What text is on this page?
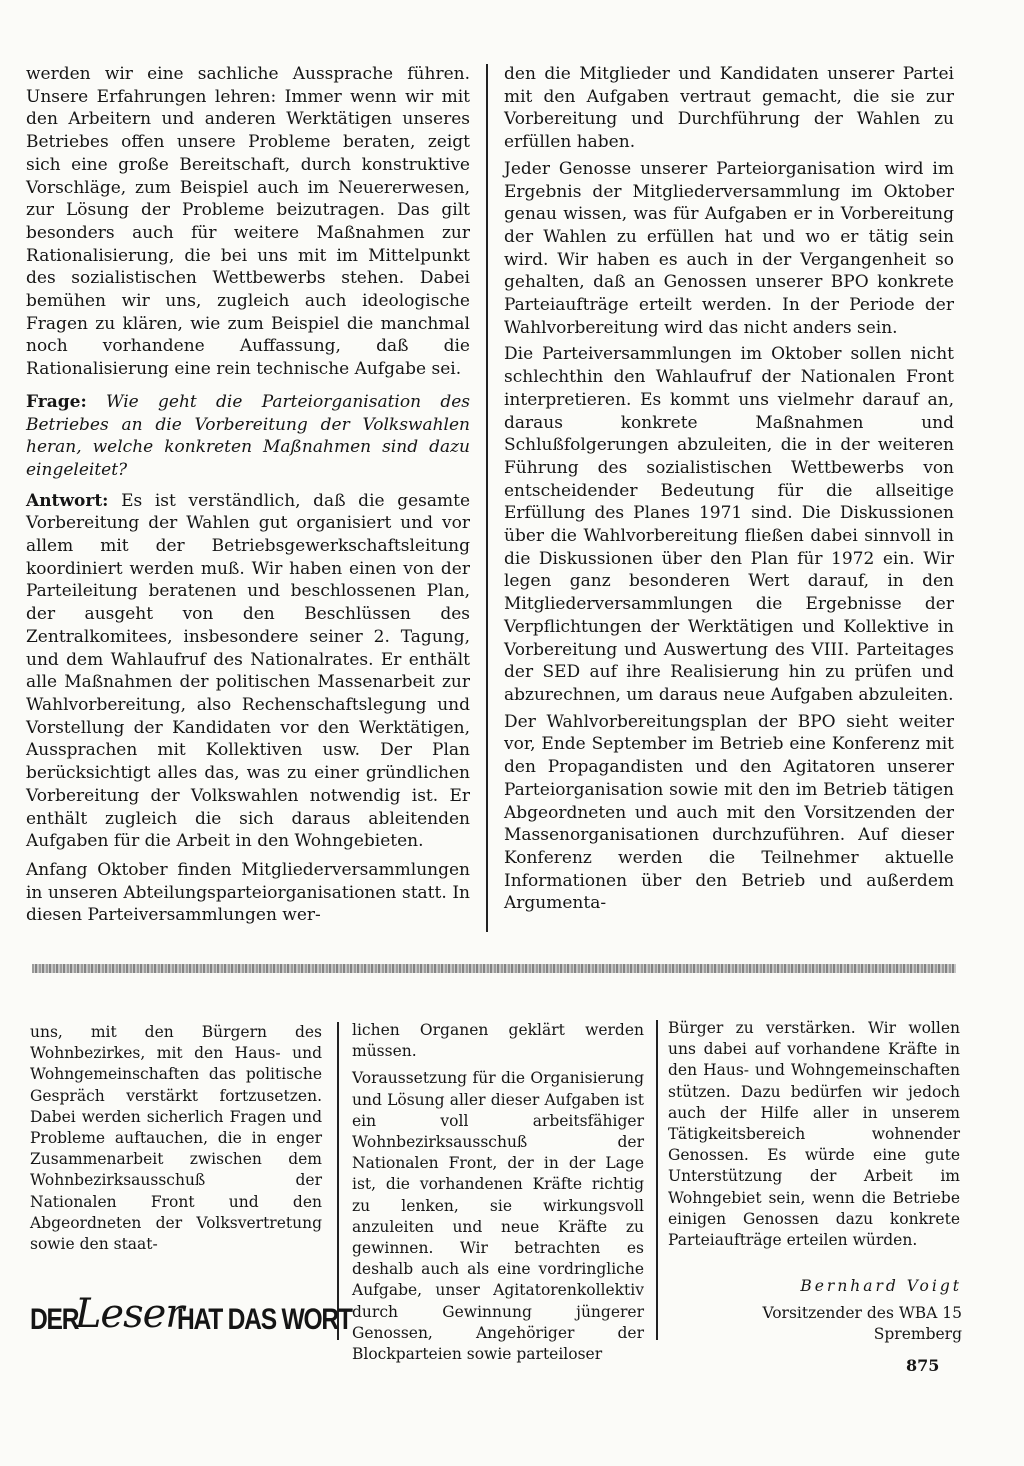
werden wir eine sachliche Aussprache führen. Unsere Erfahrungen lehren: Immer wenn wir mit den Arbeitern und anderen Werktätigen unseres Betriebes offen unsere Probleme beraten, zeigt sich eine große Bereitschaft, durch konstruktive Vorschläge, zum Beispiel auch im Neuererwesen, zur Lösung der Probleme beizutragen. Das gilt besonders auch für weitere Maßnahmen zur Rationalisierung, die bei uns mit im Mittelpunkt des sozialistischen Wettbewerbs stehen. Dabei bemühen wir uns, zugleich auch ideologische Fragen zu klären, wie zum Beispiel die manchmal noch vorhandene Auffassung, daß die Rationalisierung eine rein technische Aufgabe sei.

Frage: Wie geht die Parteiorganisation des Betriebes an die Vorbereitung der Volkswahlen heran, welche konkreten Maßnahmen sind dazu eingeleitet?

Antwort: Es ist verständlich, daß die gesamte Vorbereitung der Wahlen gut organisiert und vor allem mit der Betriebsgewerkschaftsleitung koordiniert werden muß. Wir haben einen von der Parteileitung beratenen und beschlossenen Plan, der ausgeht von den Beschlüssen des Zentralkomitees, insbesondere seiner 2. Tagung, und dem Wahlaufruf des Nationalrates. Er enthält alle Maßnahmen der politischen Massenarbeit zur Wahlvorbereitung, also Rechenschaftslegung und Vorstellung der Kandidaten vor den Werktätigen, Aussprachen mit Kollektiven usw. Der Plan berücksichtigt alles das, was zu einer gründlichen Vorbereitung der Volkswahlen notwendig ist. Er enthält zugleich die sich daraus ableitenden Aufgaben für die Arbeit in den Wohngebieten.

Anfang Oktober finden Mitgliederversammlungen in unseren Abteilungsparteiorganisationen statt. In diesen Parteiversammlungen wer-

den die Mitglieder und Kandidaten unserer Partei mit den Aufgaben vertraut gemacht, die sie zur Vorbereitung und Durchführung der Wahlen zu erfüllen haben.

Jeder Genosse unserer Parteiorganisation wird im Ergebnis der Mitgliederversammlung im Oktober genau wissen, was für Aufgaben er in Vorbereitung der Wahlen zu erfüllen hat und wo er tätig sein wird. Wir haben es auch in der Vergangenheit so gehalten, daß an Genossen unserer BPO konkrete Parteiaufträge erteilt werden. In der Periode der Wahlvorbereitung wird das nicht anders sein.

Die Parteiversammlungen im Oktober sollen nicht schlechthin den Wahlaufruf der Nationalen Front interpretieren. Es kommt uns vielmehr darauf an, daraus konkrete Maßnahmen und Schlußfolgerungen abzuleiten, die in der weiteren Führung des sozialistischen Wettbewerbs von entscheidender Bedeutung für die allseitige Erfüllung des Planes 1971 sind. Die Diskussionen über die Wahlvorbereitung fließen dabei sinnvoll in die Diskussionen über den Plan für 1972 ein. Wir legen ganz besonderen Wert darauf, in den Mitgliederversammlungen die Ergebnisse der Verpflichtungen der Werktätigen und Kollektive in Vorbereitung und Auswertung des VIII. Parteitages der SED auf ihre Realisierung hin zu prüfen und abzurechnen, um daraus neue Aufgaben abzuleiten.

Der Wahlvorbereitungsplan der BPO sieht weiter vor, Ende September im Betrieb eine Konferenz mit den Propagandisten und den Agitatoren unserer Parteiorganisation sowie mit den im Betrieb tätigen Abgeordneten und auch mit den Vorsitzenden der Massenorganisationen durchzuführen. Auf dieser Konferenz werden die Teilnehmer aktuelle Informationen über den Betrieb und außerdem Argumenta-

uns, mit den Bürgern des Wohnbezirkes, mit den Haus- und Wohngemeinschaften das politische Gespräch verstärkt fortzusetzen. Dabei werden sicherlich Fragen und Probleme auftauchen, die in enger Zusammenarbeit zwischen dem Wohnbezirksausschuß der Nationalen Front und den Abgeordneten der Volksvertretung sowie den staat-

lichen Organen geklärt werden müssen.

Voraussetzung für die Organisierung und Lösung aller dieser Aufgaben ist ein voll arbeitsfähiger Wohnbezirksausschuß der Nationalen Front, der in der Lage ist, die vorhandenen Kräfte richtig zu lenken, sie wirkungsvoll anzuleiten und neue Kräfte zu gewinnen. Wir betrachten es deshalb auch als eine vordringliche Aufgabe, unser Agitatorenkollektiv durch Gewinnung jüngerer Genossen, Angehöriger der Blockparteien sowie parteiloser

Bürger zu verstärken. Wir wollen uns dabei auf vorhandene Kräfte in den Haus- und Wohngemeinschaften stützen. Dazu bedürfen wir jedoch auch der Hilfe aller in unserem Tätigkeitsbereich wohnender Genossen. Es würde eine gute Unterstützung der Arbeit im Wohngebiet sein, wenn die Betriebe einigen Genossen dazu konkrete Parteiaufträge erteilen würden.

DER
Leser
HAT DAS WORT
Bernhard Voigt
Vorsitzender des WBA 15
Spremberg
875
